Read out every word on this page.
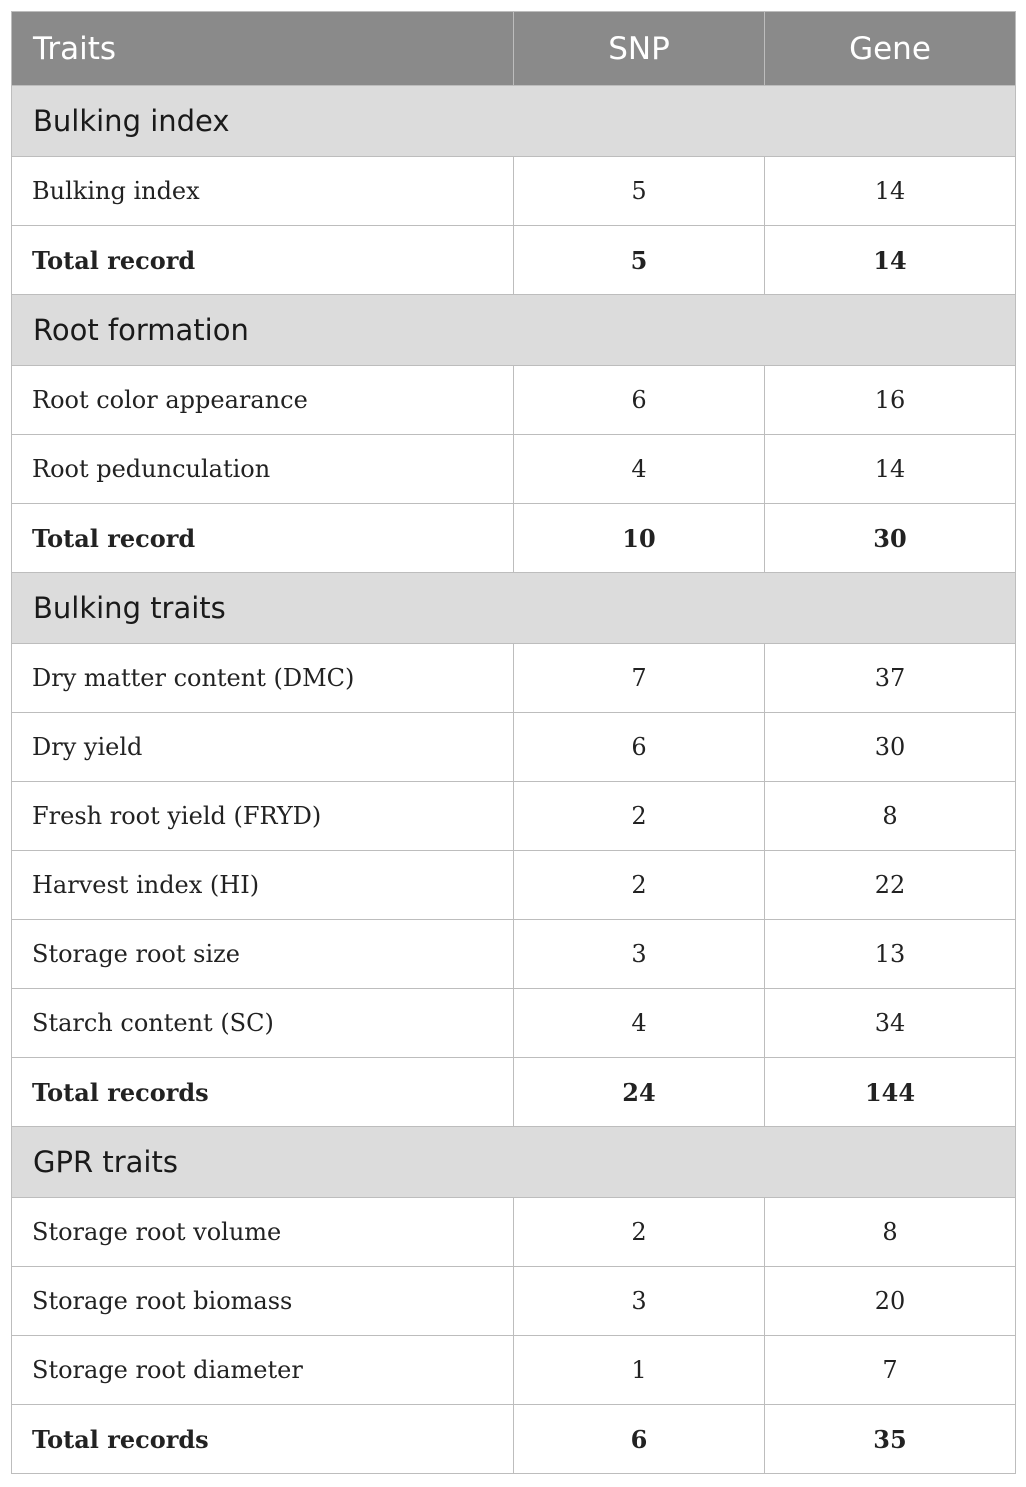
Traits	SNP	Gene
Bulking index		
Bulking index	5	14
Total record	5	14
Root formation		
Root color appearance	6	16
Root pedunculation	4	14
Total record	10	30
Bulking traits		
Dry matter content (DMC)	7	37
Dry yield	6	30
Fresh root yield (FRYD)	2	8
Harvest index (HI)	2	22
Storage root size	3	13
Starch content (SC)	4	34
Total records	24	144
GPR traits		
Storage root volume	2	8
Storage root biomass	3	20
Storage root diameter	1	7
Total records	6	35
